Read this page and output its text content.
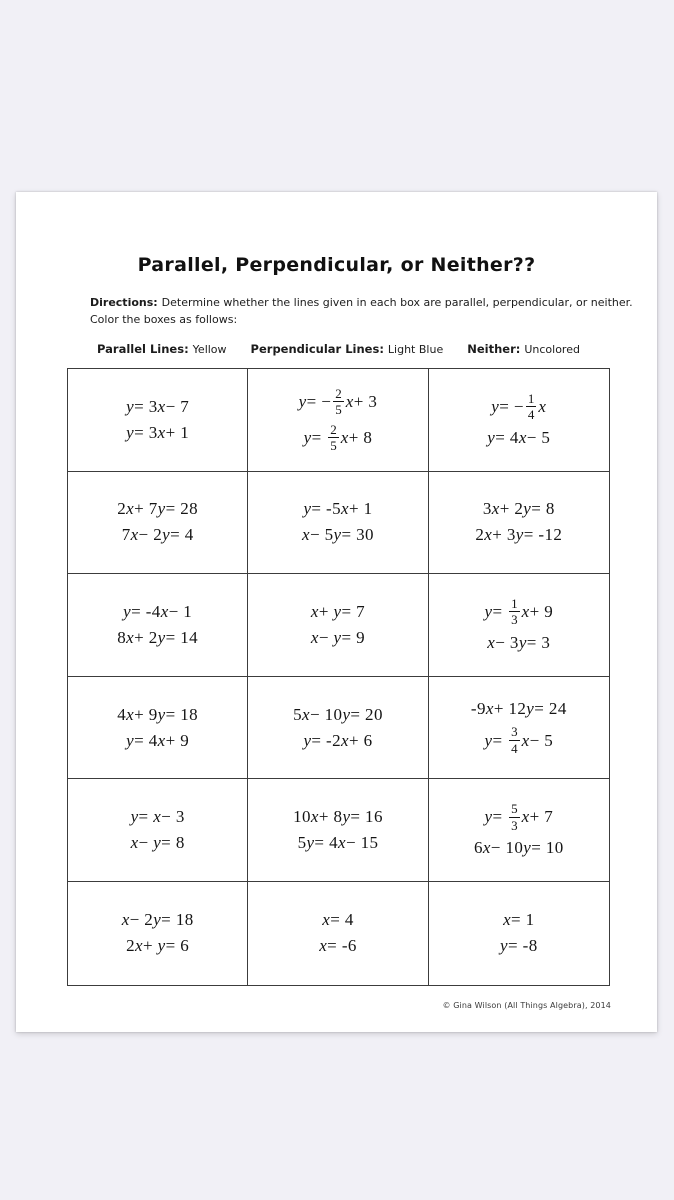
Parallel, Perpendicular, or Neither??
Directions: Determine whether the lines given in each box are parallel, perpendicular, or neither. Color the boxes as follows:
Parallel Lines: Yellow Perpendicular Lines: Light Blue Neither: Uncolored
y = 3 x − 7
y = 3 x + 1
y = − $\frac{2}{5}$ x + 3
$y = \frac{2}{5}$ x + 8
y = − $\frac{1}{4}$ x
y = 4 x − 5
2 x + 7 y = 28
7 x − 2 y = 4
y = -5 x + 1
x − 5 y = 30
3 x + 2 y = 8
2 x + 3 y = -12
y = -4 x − 1
8 x + 2 y = 14
x + y = 7
x − y = 9
$y = \frac{1}{3}$ x + 9
x − 3 y = 3
4 x + 9 y = 18
y = 4 x + 9
5 x − 10 y = 20
y = -2 x + 6
-9 x + 12 y = 24
$y = \frac{3}{4}$ x − 5
y = x − 3
x − y = 8
10 x + 8 y = 16
5 y = 4 x − 15
$y = \frac{5}{3}$ x + 7
6 x − 10 y = 10
x − 2 y = 18
2 x + y = 6
x = 4
x = -6
x = 1
y = -8
© Gina Wilson (All Things Algebra), 2014
